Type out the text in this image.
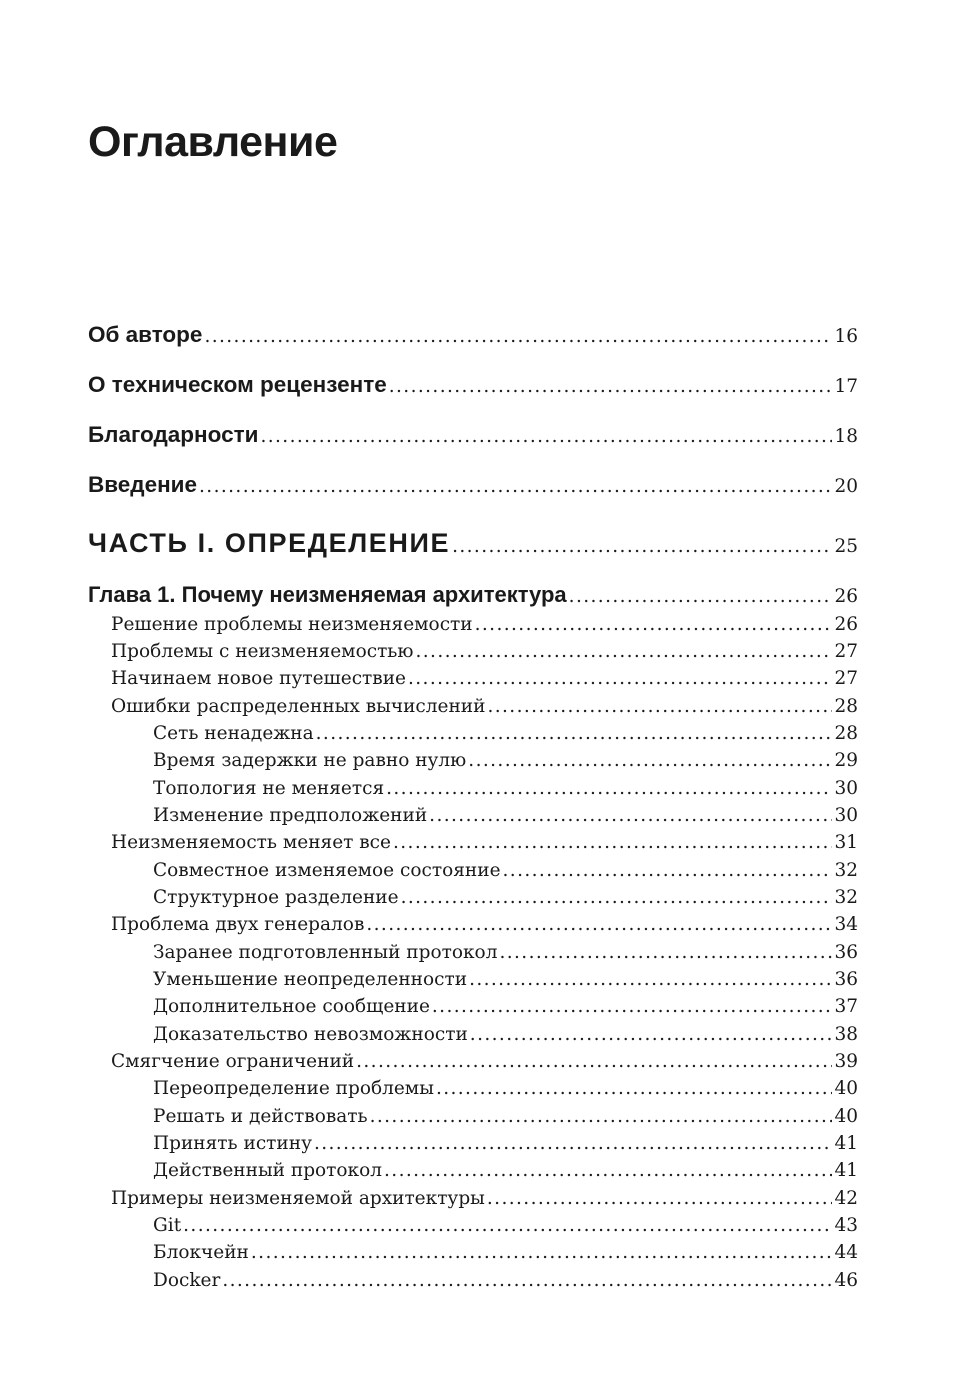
Оглавление
Об авторе .....	16
О техническом рецензенте .....	17
Благодарности .....	18
Введение .....	20
ЧАСТЬ I. ОПРЕДЕЛЕНИЕ .....	25
Глава 1. Почему неизменяемая архитектура .....	26
Решение проблемы неизменяемости .....	26
Проблемы с неизменяемостью .....	27
Начинаем новое путешествие .....	27
Ошибки распределенных вычислений .....	28
Сеть ненадежна .....	28
Время задержки не равно нулю .....	29
Топология не меняется .....	30
Изменение предположений .....	30
Неизменяемость меняет все .....	31
Совместное изменяемое состояние .....	32
Структурное разделение .....	32
Проблема двух генералов .....	34
Заранее подготовленный протокол .....	36
Уменьшение неопределенности .....	36
Дополнительное сообщение .....	37
Доказательство невозможности .....	38
Смягчение ограничений .....	39
Переопределение проблемы .....	40
Решать и действовать .....	40
Принять истину .....	41
Действенный протокол .....	41
Примеры неизменяемой архитектуры .....	42
Git .....	43
Блокчейн .....	44
Docker .....	46
